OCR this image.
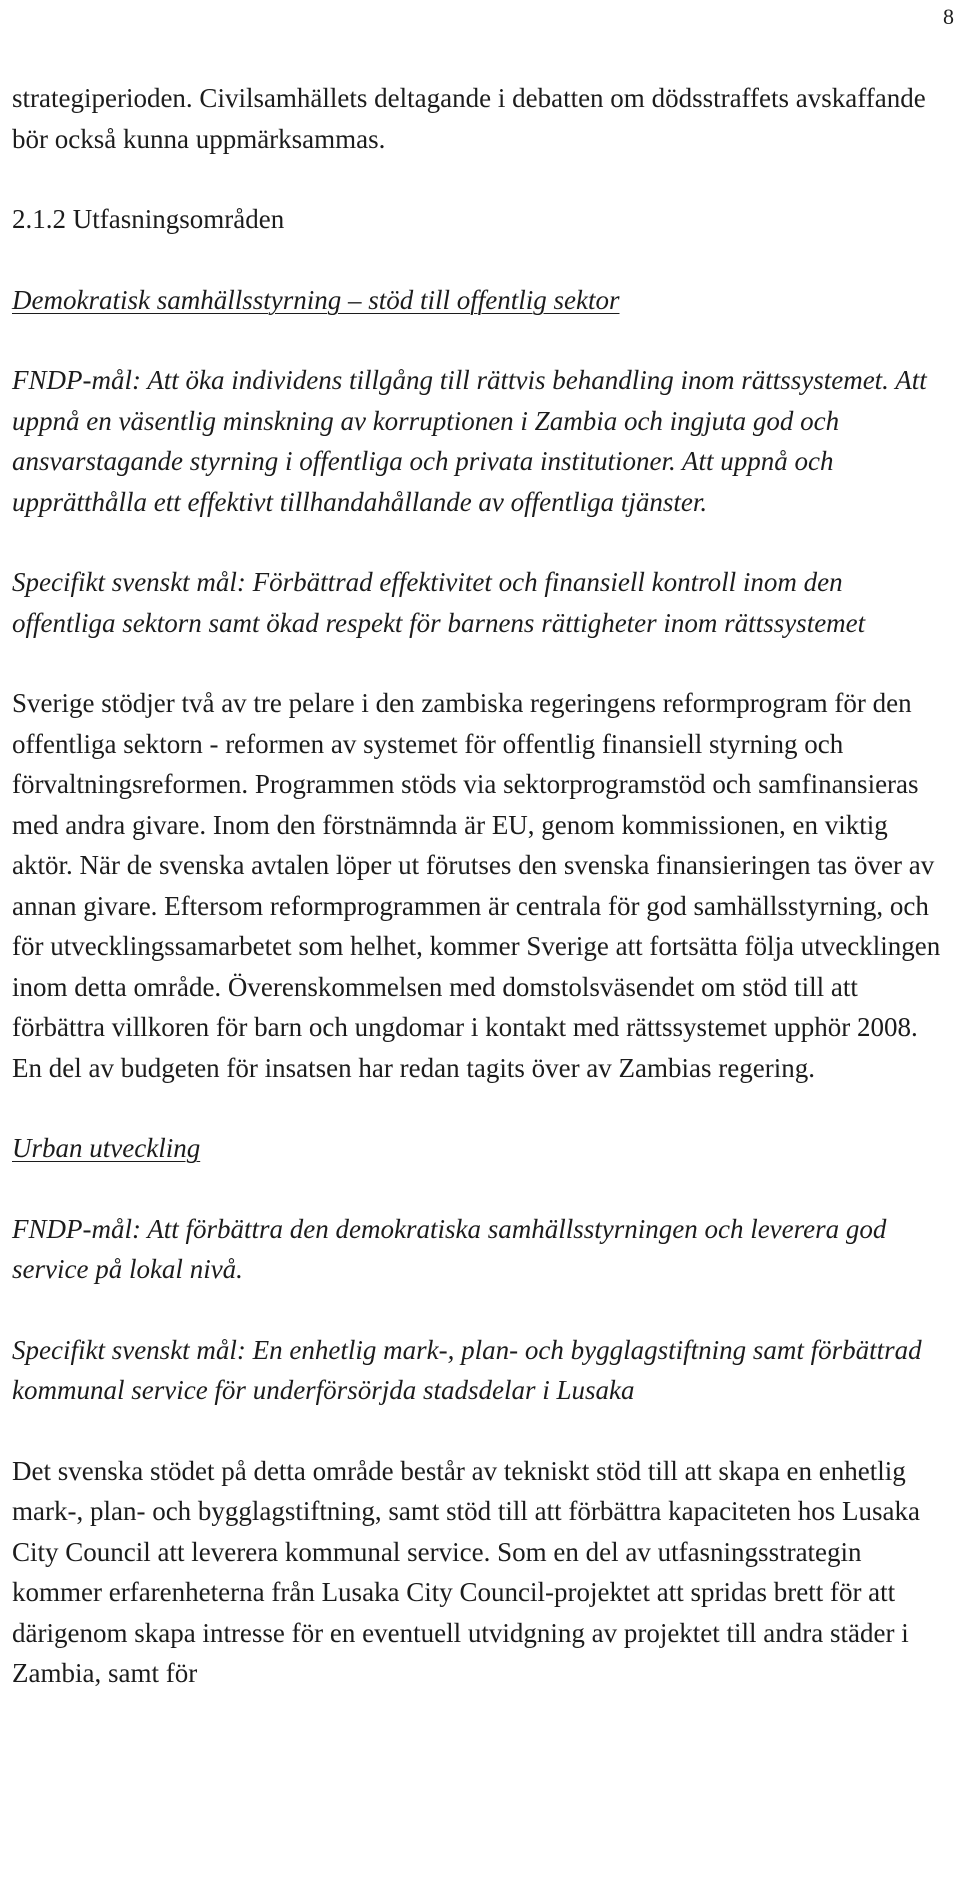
8

strategiperioden. Civilsamhällets deltagande i debatten om dödsstraffets avskaffande bör också kunna uppmärksammas.

2.1.2 Utfasningsområden

Demokratisk samhällsstyrning – stöd till offentlig sektor

FNDP-mål: Att öka individens tillgång till rättvis behandling inom rättssystemet. Att uppnå en väsentlig minskning av korruptionen i Zambia och ingjuta god och ansvarstagande styrning i offentliga och privata institutioner. Att uppnå och upprätthålla ett effektivt tillhandahållande av offentliga tjänster.

Specifikt svenskt mål: Förbättrad effektivitet och finansiell kontroll inom den offentliga sektorn samt ökad respekt för barnens rättigheter inom rättssystemet

Sverige stödjer två av tre pelare i den zambiska regeringens reformprogram för den offentliga sektorn - reformen av systemet för offentlig finansiell styrning och förvaltningsreformen. Programmen stöds via sektorprogramstöd och samfinansieras med andra givare. Inom den förstnämnda är EU, genom kommissionen, en viktig aktör. När de svenska avtalen löper ut förutses den svenska finansieringen tas över av annan givare. Eftersom reformprogrammen är centrala för god samhällsstyrning, och för utvecklingssamarbetet som helhet, kommer Sverige att fortsätta följa utvecklingen inom detta område. Överenskommelsen med domstolsväsendet om stöd till att förbättra villkoren för barn och ungdomar i kontakt med rättssystemet upphör 2008. En del av budgeten för insatsen har redan tagits över av Zambias regering.

Urban utveckling

FNDP-mål: Att förbättra den demokratiska samhällsstyrningen och leverera god service på lokal nivå.

Specifikt svenskt mål: En enhetlig mark-, plan- och bygglagstiftning samt förbättrad kommunal service för underförsörjda stadsdelar i Lusaka

Det svenska stödet på detta område består av tekniskt stöd till att skapa en enhetlig mark-, plan- och bygglagstiftning, samt stöd till att förbättra kapaciteten hos Lusaka City Council att leverera kommunal service. Som en del av utfasningsstrategin kommer erfarenheterna från Lusaka City Council-projektet att spridas brett för att därigenom skapa intresse för en eventuell utvidgning av projektet till andra städer i Zambia, samt för
